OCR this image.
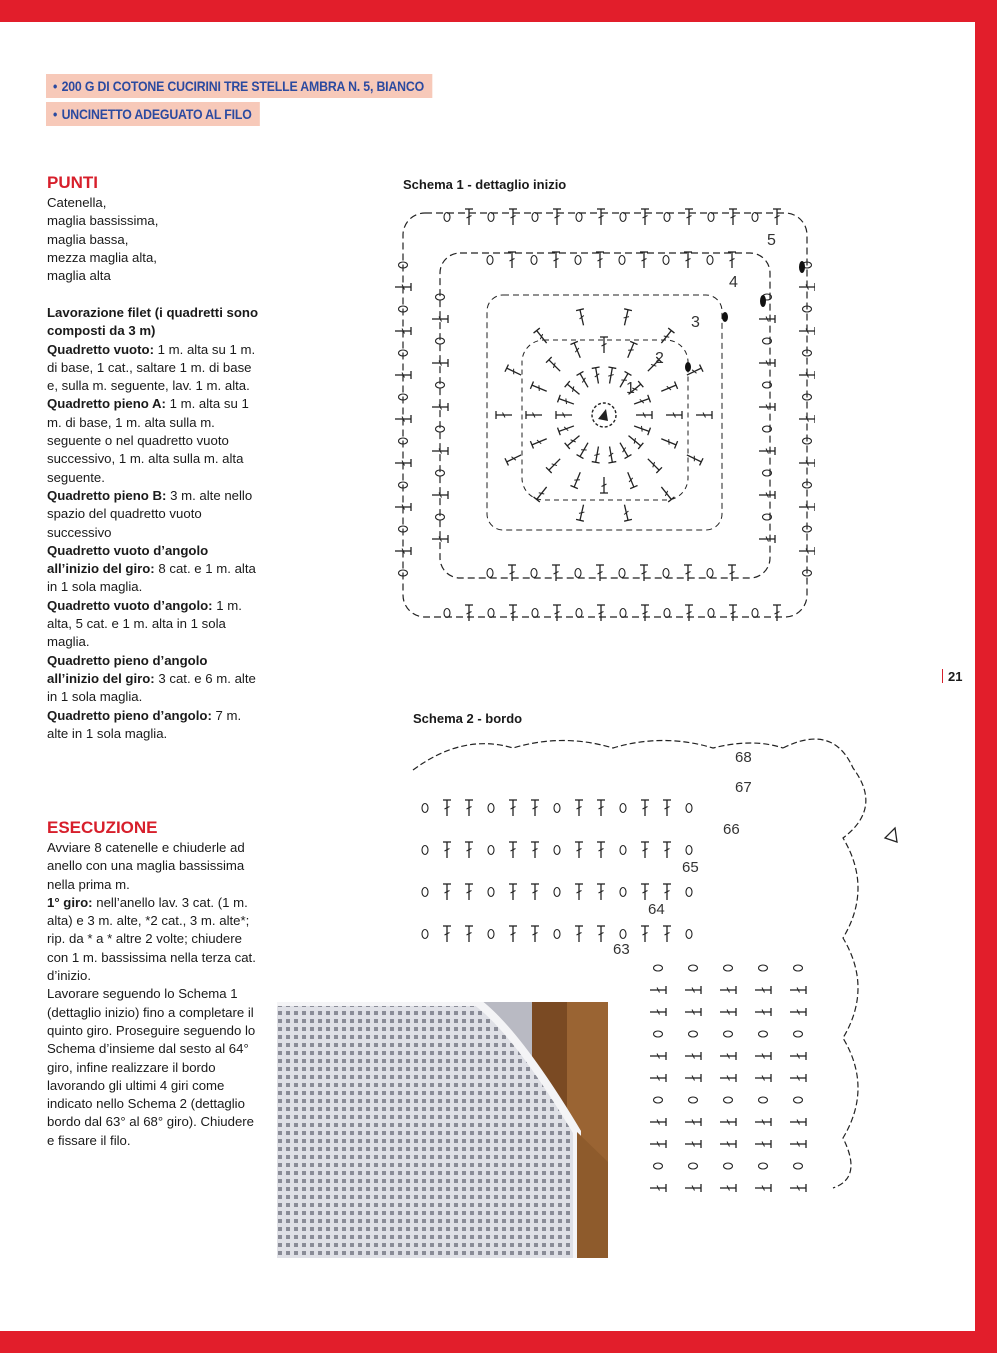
• 200 G DI COTONE CUCIRINI TRE STELLE AMBRA N. 5, BIANCO
• UNCINETTO ADEGUATO AL FILO
PUNTI
Catenella,
maglia bassissima,
maglia bassa,
mezza maglia alta,
maglia alta
Lavorazione filet (i quadretti sono composti da 3 m)
Quadretto vuoto: 1 m. alta su 1 m. di base, 1 cat., saltare 1 m. di base e, sulla m. seguente, lav. 1 m. alta.
Quadretto pieno A: 1 m. alta su 1 m. di base, 1 m. alta sulla m. seguente o nel quadretto vuoto successivo, 1 m. alta sulla m. alta seguente.
Quadretto pieno B: 3 m. alte nello spazio del quadretto vuoto successivo
Quadretto vuoto d’angolo all’inizio del giro: 8 cat. e 1 m. alta in 1 sola maglia.
Quadretto vuoto d’angolo: 1 m. alta, 5 cat. e 1 m. alta in 1 sola maglia.
Quadretto pieno d’angolo all’inizio del giro: 3 cat. e 6 m. alte in 1 sola maglia.
Quadretto pieno d’angolo: 7 m. alte in 1 sola maglia.
ESECUZIONE
Avviare 8 catenelle e chiuderle ad anello con una maglia bassissima nella prima m.
1° giro: nell’anello lav. 3 cat. (1 m. alta) e 3 m. alte, *2 cat., 3 m. alte*; rip. da * a * altre 2 volte; chiudere con 1 m. bassissima nella terza cat. d’inizio.
Lavorare seguendo lo Schema 1 (dettaglio inizio) fino a completare il quinto giro. Proseguire seguendo lo Schema d’insieme dal sesto al 64° giro, infine realizzare il bordo lavorando gli ultimi 4 giri come indicato nello Schema 2 (dettaglio bordo dal 63° al 68° giro). Chiudere e fissare il filo.
Schema 1 - dettaglio inizio
Schema 2 - bordo
21
1
2
3
4
5
68
67
66
65
64
63
